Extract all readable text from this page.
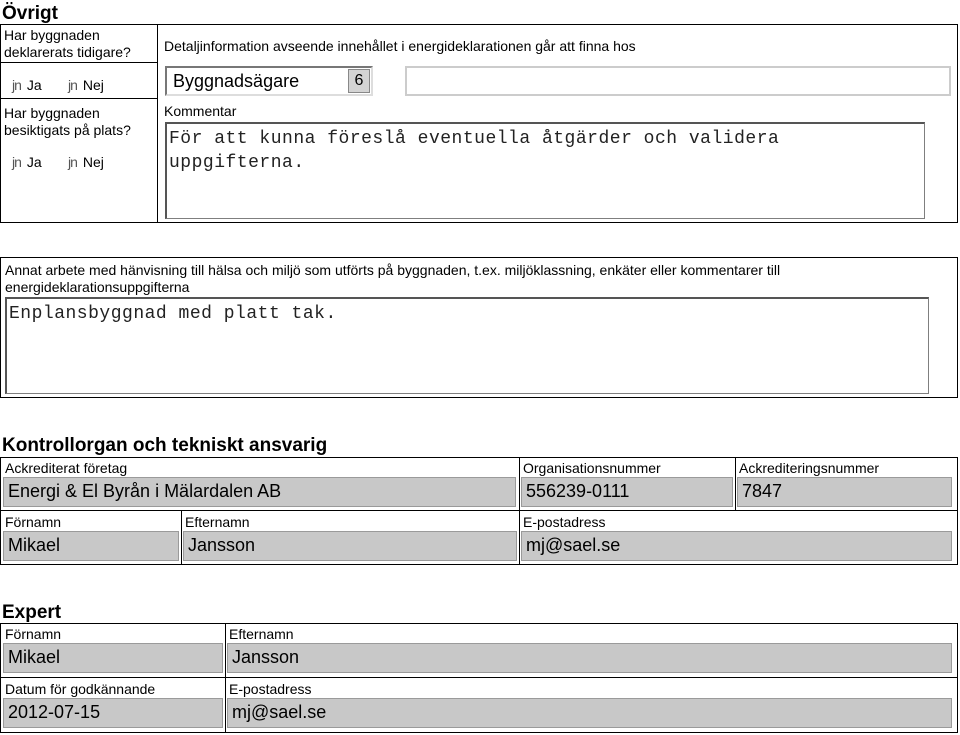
Övrigt
Har byggnaden deklarerats tidigare?
jn Ja jn Nej
Har byggnaden besiktigats på plats?
jn Ja jn Nej
Detaljinformation avseende innehållet i energideklarationen går att finna hos
Byggnadsägare	6
Kommentar
För att kunna föreslå eventuella åtgärder och validera uppgifterna.
Annat arbete med hänvisning till hälsa och miljö som utförts på byggnaden, t.ex. miljöklassning, enkäter eller kommentarer till energideklarationsuppgifterna
Enplansbyggnad med platt tak.
Kontrollorgan och tekniskt ansvarig
Ackrediterat företag
Energi & El Byrån i Mälardalen AB
Organisationsnummer
556239-0111
Ackrediteringsnummer
7847
Förnamn
Mikael
Efternamn
Jansson
E-postadress
mj@sael.se
Expert
Förnamn
Mikael
Efternamn
Jansson
Datum för godkännande
2012-07-15
E-postadress
mj@sael.se
